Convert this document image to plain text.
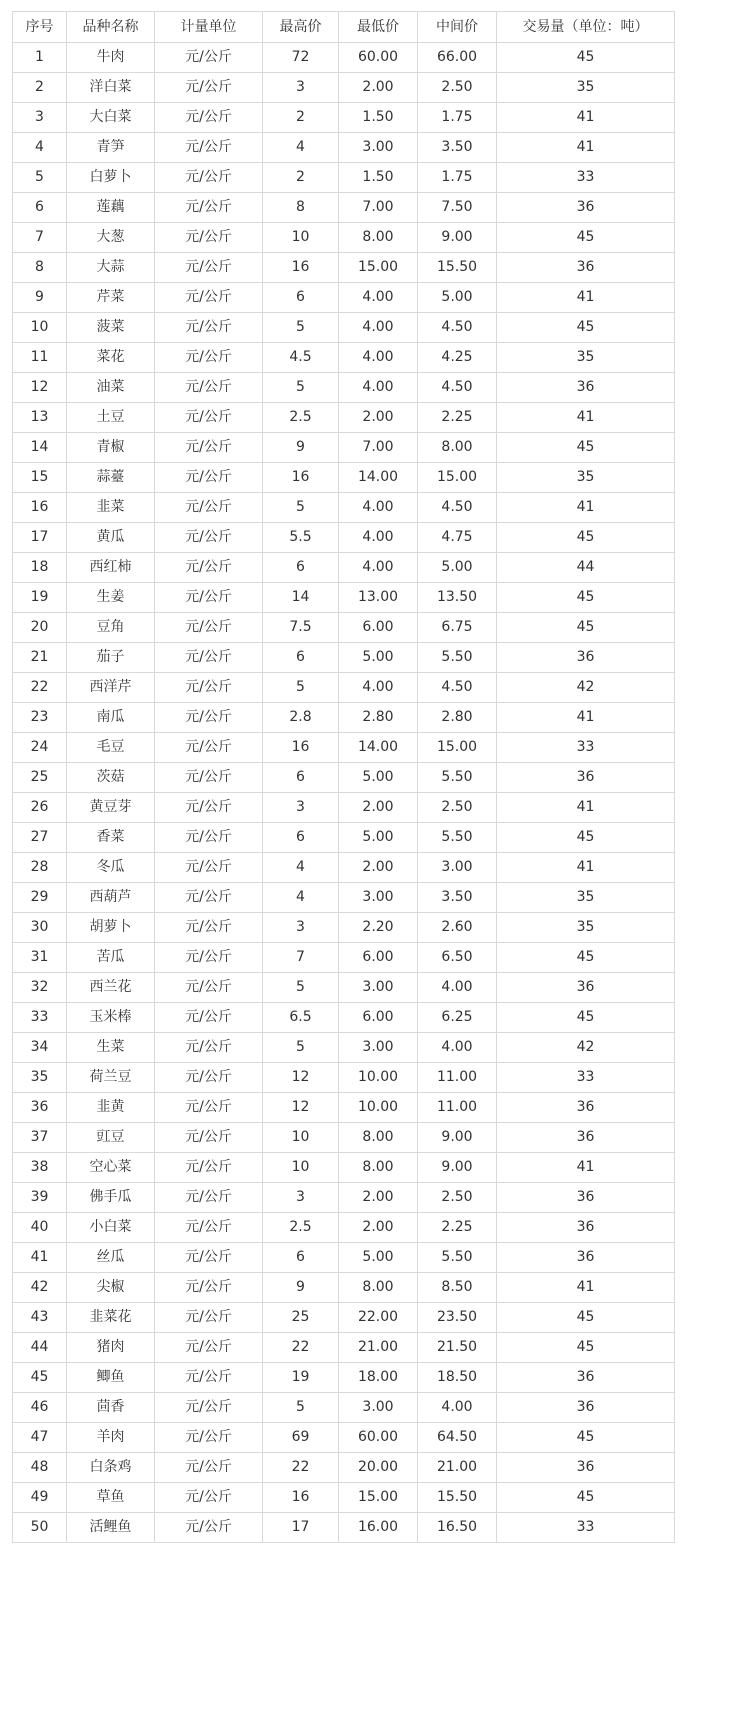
序号	品种名称	计量单位	最高价	最低价	中间价	交易量（单位：吨）
1	牛肉	元/公斤	72	60.00	66.00	45
2	洋白菜	元/公斤	3	2.00	2.50	35
3	大白菜	元/公斤	2	1.50	1.75	41
4	青笋	元/公斤	4	3.00	3.50	41
5	白萝卜	元/公斤	2	1.50	1.75	33
6	莲藕	元/公斤	8	7.00	7.50	36
7	大葱	元/公斤	10	8.00	9.00	45
8	大蒜	元/公斤	16	15.00	15.50	36
9	芹菜	元/公斤	6	4.00	5.00	41
10	菠菜	元/公斤	5	4.00	4.50	45
11	菜花	元/公斤	4.5	4.00	4.25	35
12	油菜	元/公斤	5	4.00	4.50	36
13	土豆	元/公斤	2.5	2.00	2.25	41
14	青椒	元/公斤	9	7.00	8.00	45
15	蒜薹	元/公斤	16	14.00	15.00	35
16	韭菜	元/公斤	5	4.00	4.50	41
17	黄瓜	元/公斤	5.5	4.00	4.75	45
18	西红柿	元/公斤	6	4.00	5.00	44
19	生姜	元/公斤	14	13.00	13.50	45
20	豆角	元/公斤	7.5	6.00	6.75	45
21	茄子	元/公斤	6	5.00	5.50	36
22	西洋芹	元/公斤	5	4.00	4.50	42
23	南瓜	元/公斤	2.8	2.80	2.80	41
24	毛豆	元/公斤	16	14.00	15.00	33
25	茨菇	元/公斤	6	5.00	5.50	36
26	黄豆芽	元/公斤	3	2.00	2.50	41
27	香菜	元/公斤	6	5.00	5.50	45
28	冬瓜	元/公斤	4	2.00	3.00	41
29	西葫芦	元/公斤	4	3.00	3.50	35
30	胡萝卜	元/公斤	3	2.20	2.60	35
31	苦瓜	元/公斤	7	6.00	6.50	45
32	西兰花	元/公斤	5	3.00	4.00	36
33	玉米棒	元/公斤	6.5	6.00	6.25	45
34	生菜	元/公斤	5	3.00	4.00	42
35	荷兰豆	元/公斤	12	10.00	11.00	33
36	韭黄	元/公斤	12	10.00	11.00	36
37	豇豆	元/公斤	10	8.00	9.00	36
38	空心菜	元/公斤	10	8.00	9.00	41
39	佛手瓜	元/公斤	3	2.00	2.50	36
40	小白菜	元/公斤	2.5	2.00	2.25	36
41	丝瓜	元/公斤	6	5.00	5.50	36
42	尖椒	元/公斤	9	8.00	8.50	41
43	韭菜花	元/公斤	25	22.00	23.50	45
44	猪肉	元/公斤	22	21.00	21.50	45
45	鲫鱼	元/公斤	19	18.00	18.50	36
46	茴香	元/公斤	5	3.00	4.00	36
47	羊肉	元/公斤	69	60.00	64.50	45
48	白条鸡	元/公斤	22	20.00	21.00	36
49	草鱼	元/公斤	16	15.00	15.50	45
50	活鲤鱼	元/公斤	17	16.00	16.50	33
